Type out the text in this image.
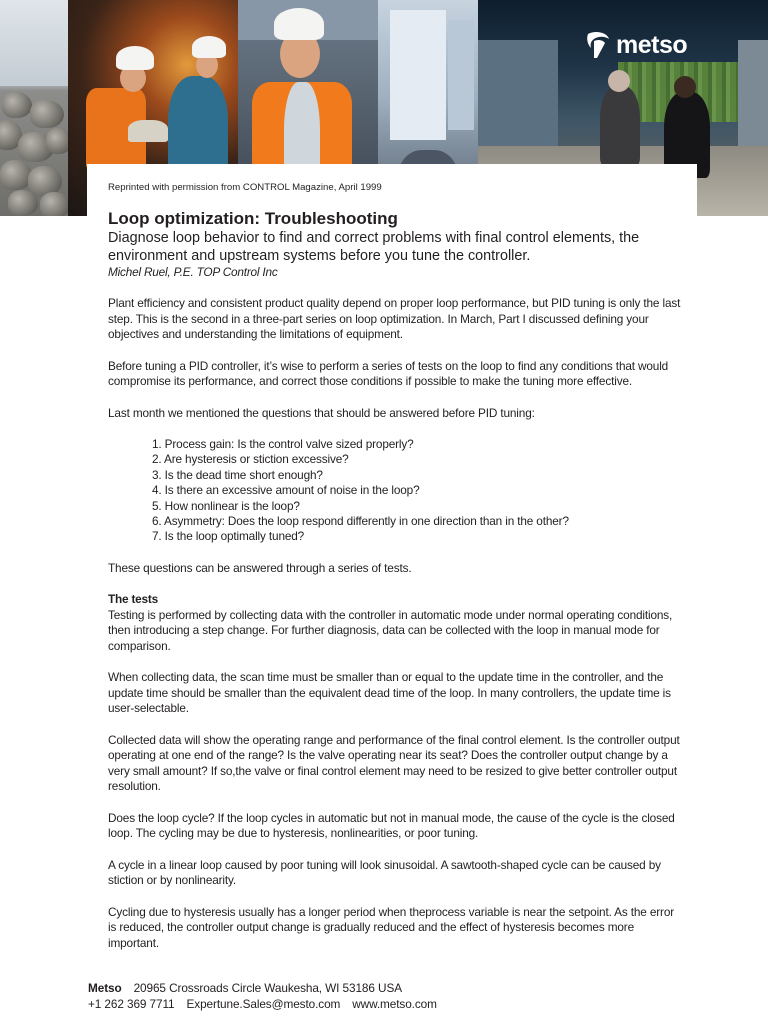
metso
Reprinted with permission from CONTROL Magazine, April 1999
Loop optimization: Troubleshooting
Diagnose loop behavior to find and correct problems with final control elements, the environment and upstream systems before you tune the controller.
Michel Ruel, P.E. TOP Control Inc

Plant efficiency and consistent product quality depend on proper loop performance, but PID tuning is only the last step. This is the second in a three-part series on loop optimization. In March, Part I discussed defining your objectives and understanding the limitations of equipment.

Before tuning a PID controller, it’s wise to perform a series of tests on the loop to find any conditions that would compromise its performance, and correct those conditions if possible to make the tuning more effective.

Last month we mentioned the questions that should be answered before PID tuning:

1. Process gain: Is the control valve sized properly?
2. Are hysteresis or stiction excessive?
3. Is the dead time short enough?
4. Is there an excessive amount of noise in the loop?
5. How nonlinear is the loop?
6. Asymmetry: Does the loop respond differently in one direction than in the other?
7. Is the loop optimally tuned?

These questions can be answered through a series of tests.

The tests

Testing is performed by collecting data with the controller in automatic mode under normal operating conditions, then introducing a step change. For further diagnosis, data can be collected with the loop in manual mode for comparison.

When collecting data, the scan time must be smaller than or equal to the update time in the controller, and the update time should be smaller than the equivalent dead time of the loop. In many controllers, the update time is user-selectable.

Collected data will show the operating range and performance of the final control element. Is the controller output operating at one end of the range? Is the valve operating near its seat? Does the controller output change by a very small amount? If so,the valve or final control element may need to be resized to give better controller output resolution.

Does the loop cycle? If the loop cycles in automatic but not in manual mode, the cause of the cycle is the closed loop. The cycling may be due to hysteresis, nonlinearities, or poor tuning.

A cycle in a linear loop caused by poor tuning will look sinusoidal. A sawtooth-shaped cycle can be caused by stiction or by nonlinearity.

Cycling due to hysteresis usually has a longer period when theprocess variable is near the setpoint. As the error is reduced, the controller output change is gradually reduced and the effect of hysteresis becomes more important.

Metso 20965 Crossroads Circle Waukesha, WI 53186 USA
+1 262 369 7711 Expertune.Sales@mesto.com www.metso.com
